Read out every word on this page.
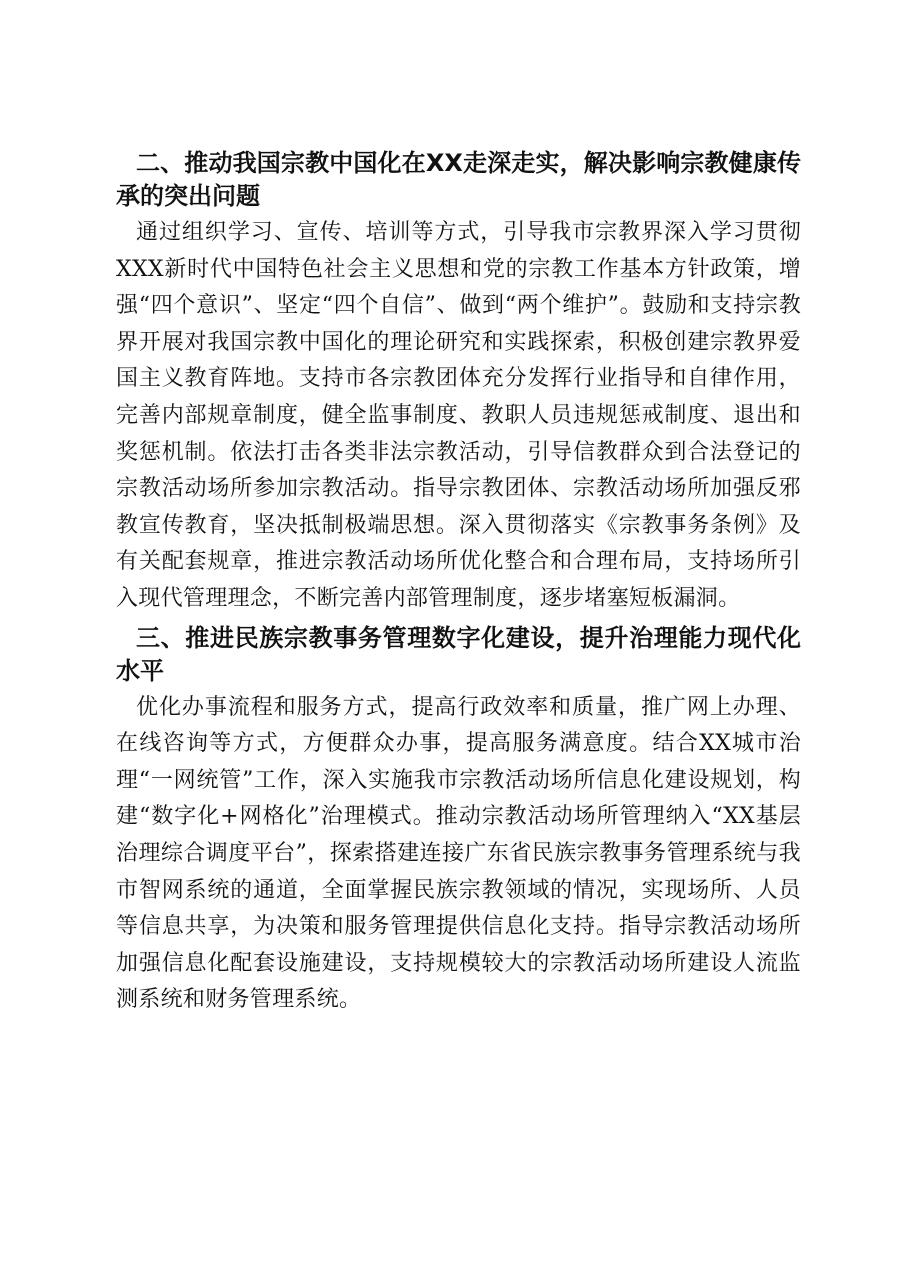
二、推动我国宗教中国化在XX走深走实，解决影响宗教健康传承的突出问题

通过组织学习、宣传、培训等方式，引导我市宗教界深入学习贯彻XXX新时代中国特色社会主义思想和党的宗教工作基本方针政策，增强“四个意识”、坚定“四个自信”、做到“两个维护”。鼓励和支持宗教界开展对我国宗教中国化的理论研究和实践探索，积极创建宗教界爱国主义教育阵地。支持市各宗教团体充分发挥行业指导和自律作用，完善内部规章制度，健全监事制度、教职人员违规惩戒制度、退出和奖惩机制。依法打击各类非法宗教活动，引导信教群众到合法登记的宗教活动场所参加宗教活动。指导宗教团体、宗教活动场所加强反邪教宣传教育，坚决抵制极端思想。深入贯彻落实《宗教事务条例》及有关配套规章，推进宗教活动场所优化整合和合理布局，支持场所引入现代管理理念，不断完善内部管理制度，逐步堵塞短板漏洞。

三、推进民族宗教事务管理数字化建设，提升治理能力现代化水平

优化办事流程和服务方式，提高行政效率和质量，推广网上办理、在线咨询等方式，方便群众办事，提高服务满意度。结合XX城市治理“一网统管”工作，深入实施我市宗教活动场所信息化建设规划，构建“数字化+网格化”治理模式。推动宗教活动场所管理纳入“XX基层治理综合调度平台”，探索搭建连接广东省民族宗教事务管理系统与我市智网系统的通道，全面掌握民族宗教领域的情况，实现场所、人员等信息共享，为决策和服务管理提供信息化支持。指导宗教活动场所加强信息化配套设施建设，支持规模较大的宗教活动场所建设人流监测系统和财务管理系统。
